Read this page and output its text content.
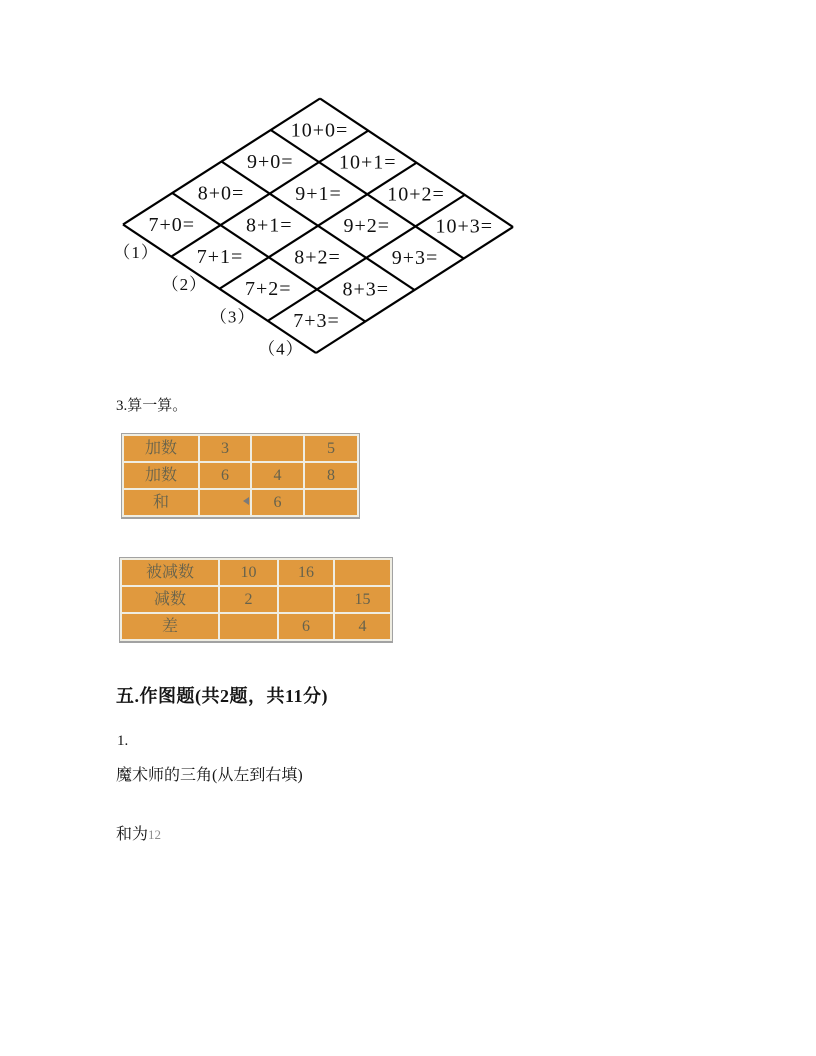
10+0=
10+1=
10+2=
10+3=
9+0=
9+1=
9+2=
9+3=
8+0=
8+1=
8+2=
8+3=
7+0=
7+1=
7+2=
7+3=
（1）
（2）
（3）
（4）
3.算一算。
加数	3		5
加数	6	4	8
和		6	
被减数	10	16	
减数	2		15
差		6	4
五.作图题(共2题，共11分)
1.
魔术师的三角(从左到右填)
和为12
